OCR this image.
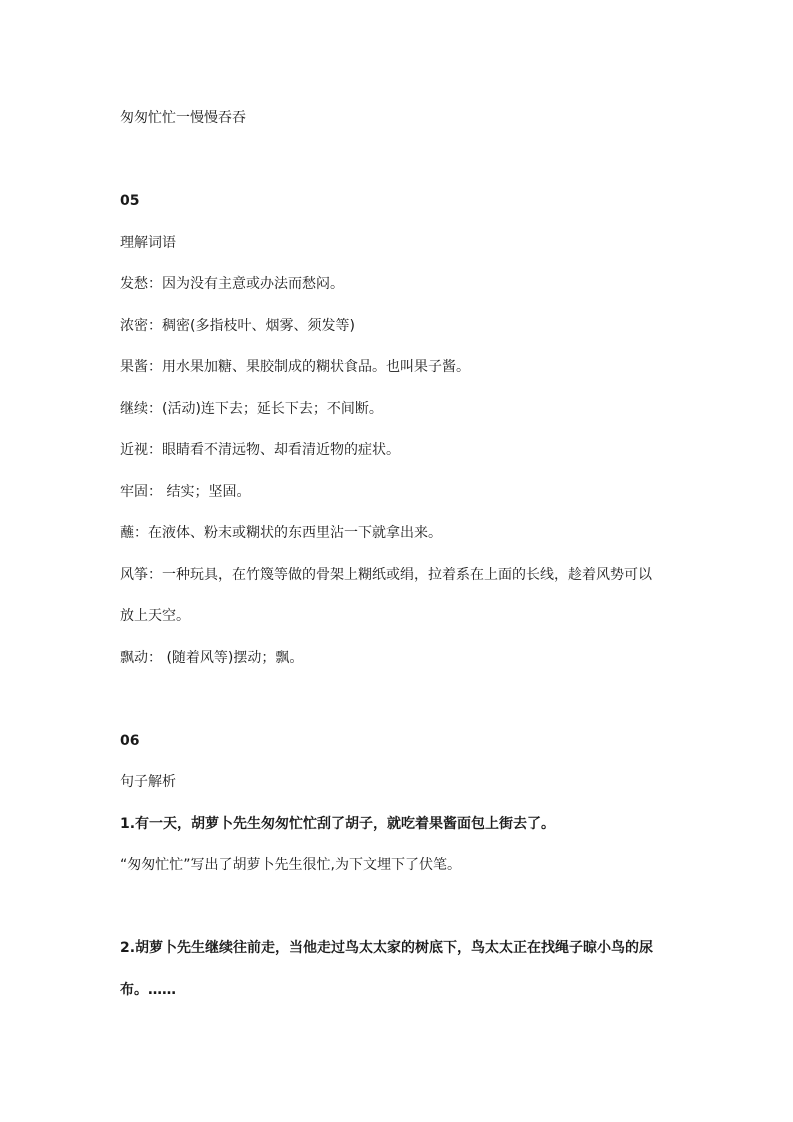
匆匆忙忙一慢慢吞吞
05
理解词语
发愁：因为没有主意或办法而愁闷。
浓密：稠密(多指枝叶、烟雾、须发等)
果酱：用水果加糖、果胶制成的糊状食品。也叫果子酱。
继续：(活动)连下去；延长下去；不间断。
近视：眼睛看不清远物、却看清近物的症状。
牢固： 结实；坚固。
蘸：在液体、粉末或糊状的东西里沾一下就拿出来。
风筝：一种玩具，在竹篾等做的骨架上糊纸或绢，拉着系在上面的长线，趁着风势可以
放上天空。
飘动： (随着风等)摆动；飘。
06
句子解析
1.有一天，胡萝卜先生匆匆忙忙刮了胡子，就吃着果酱面包上街去了。
“匆匆忙忙”写出了胡萝卜先生很忙,为下文埋下了伏笔。
2.胡萝卜先生继续往前走，当他走过鸟太太家的树底下，鸟太太正在找绳子晾小鸟的尿
布。……
